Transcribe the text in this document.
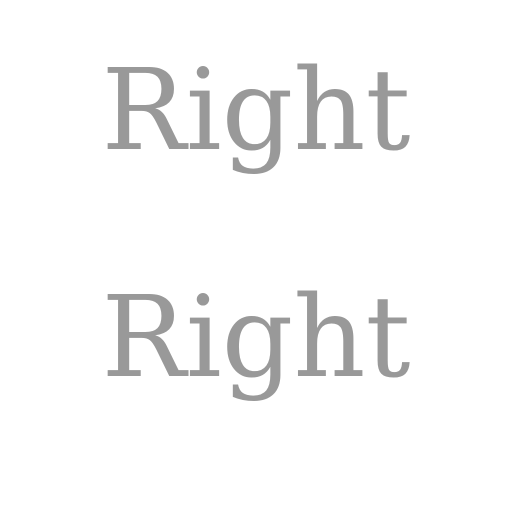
Right
Right
